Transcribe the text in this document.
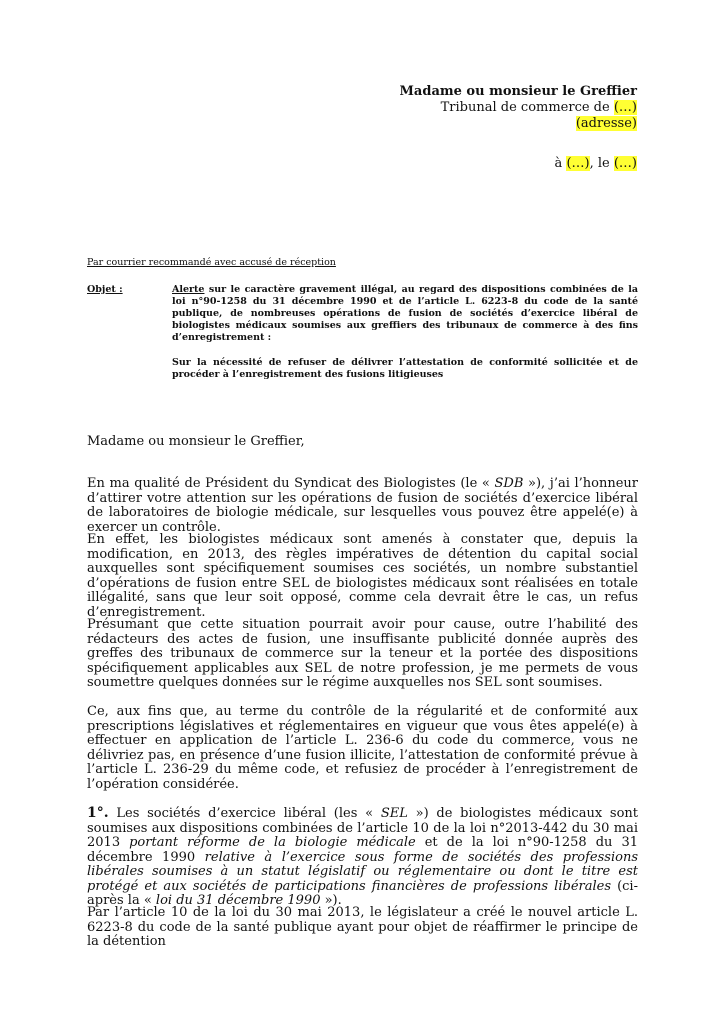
Madame ou monsieur le Greffier
Tribunal de commerce de (…)
(adresse)
à (…), le (…)
Par courrier recommandé avec accusé de réception
Objet :	Alerte sur le caractère gravement illégal, au regard des dispositions combinées de la loi n°90-1258 du 31 décembre 1990 et de l’article L. 6223-8 du code de la santé publique, de nombreuses opérations de fusion de sociétés d’exercice libéral de biologistes médicaux soumises aux greffiers des tribunaux de commerce à des fins d’enregistrement :

Sur la nécessité de refuser de délivrer l’attestation de conformité sollicitée et de procéder à l’enregistrement des fusions litigieuses

Madame ou monsieur le Greffier,

En ma qualité de Président du Syndicat des Biologistes (le « SDB »), j’ai l’honneur d’attirer votre attention sur les opérations de fusion de sociétés d’exercice libéral de laboratoires de biologie médicale, sur lesquelles vous pouvez être appelé(e) à exercer un contrôle.

En effet, les biologistes médicaux sont amenés à constater que, depuis la modification, en 2013, des règles impératives de détention du capital social auxquelles sont spécifiquement soumises ces sociétés, un nombre substantiel d’opérations de fusion entre SEL de biologistes médicaux sont réalisées en totale illégalité, sans que leur soit opposé, comme cela devrait être le cas, un refus d’enregistrement.

Présumant que cette situation pourrait avoir pour cause, outre l’habilité des rédacteurs des actes de fusion, une insuffisante publicité donnée auprès des greffes des tribunaux de commerce sur la teneur et la portée des dispositions spécifiquement applicables aux SEL de notre profession, je me permets de vous soumettre quelques données sur le régime auxquelles nos SEL sont soumises.

Ce, aux fins que, au terme du contrôle de la régularité et de conformité aux prescriptions législatives et réglementaires en vigueur que vous êtes appelé(e) à effectuer en application de l’article L. 236-6 du code du commerce, vous ne délivriez pas, en présence d’une fusion illicite, l’attestation de conformité prévue à l’article L. 236-29 du même code, et refusiez de procéder à l’enregistrement de l’opération considérée.

1°. Les sociétés d’exercice libéral (les « SEL ») de biologistes médicaux sont soumises aux dispositions combinées de l’article 10 de la loi n°2013-442 du 30 mai 2013 portant réforme de la biologie médicale et de la loi n°90-1258 du 31 décembre 1990 relative à l’exercice sous forme de sociétés des professions libérales soumises à un statut législatif ou réglementaire ou dont le titre est protégé et aux sociétés de participations financières de professions libérales (ci-après la « loi du 31 décembre 1990 »).

Par l’article 10 de la loi du 30 mai 2013, le législateur a créé le nouvel article L. 6223-8 du code de la santé publique ayant pour objet de réaffirmer le principe de la détention
